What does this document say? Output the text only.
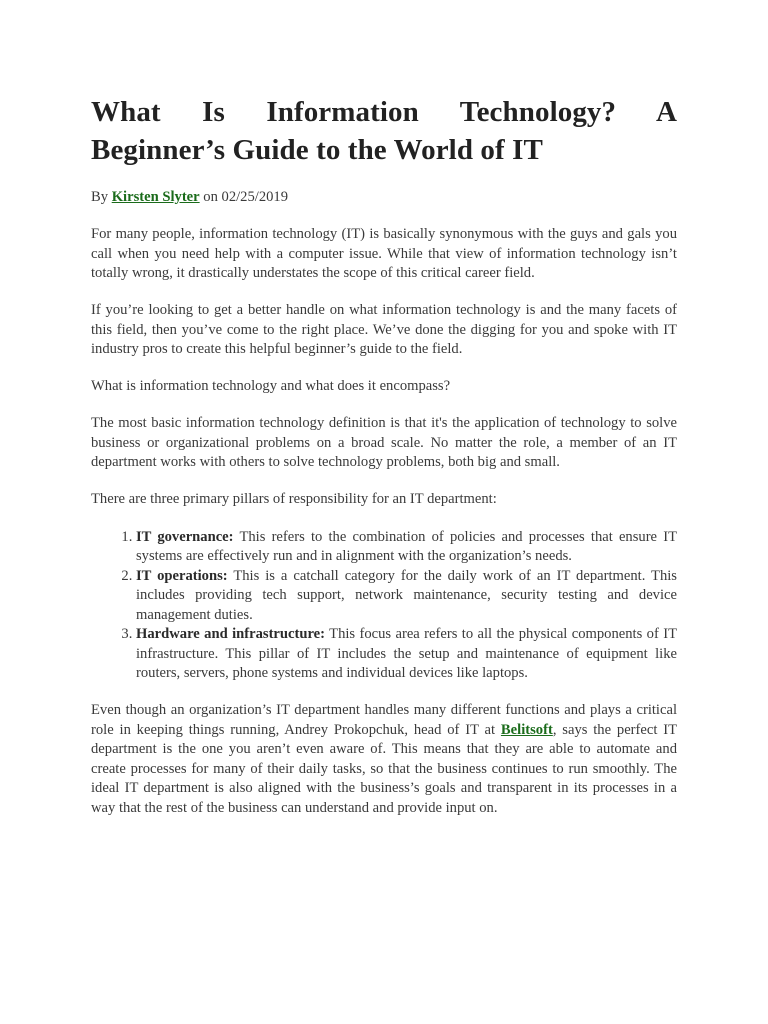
What Is Information Technology? A Beginner’s Guide to the World of IT
By Kirsten Slyter on 02/25/2019

For many people, information technology (IT) is basically synonymous with the guys and gals you call when you need help with a computer issue. While that view of information technology isn’t totally wrong, it drastically understates the scope of this critical career field.

If you’re looking to get a better handle on what information technology is and the many facets of this field, then you’ve come to the right place. We’ve done the digging for you and spoke with IT industry pros to create this helpful beginner’s guide to the field.

What is information technology and what does it encompass?

The most basic information technology definition is that it's the application of technology to solve business or organizational problems on a broad scale. No matter the role, a member of an IT department works with others to solve technology problems, both big and small.

There are three primary pillars of responsibility for an IT department:

1. IT governance: This refers to the combination of policies and processes that ensure IT systems are effectively run and in alignment with the organization’s needs.
2. IT operations: This is a catchall category for the daily work of an IT department. This includes providing tech support, network maintenance, security testing and device management duties.
3. Hardware and infrastructure: This focus area refers to all the physical components of IT infrastructure. This pillar of IT includes the setup and maintenance of equipment like routers, servers, phone systems and individual devices like laptops.

Even though an organization’s IT department handles many different functions and plays a critical role in keeping things running, Andrey Prokopchuk, head of IT at Belitsoft, says the perfect IT department is the one you aren’t even aware of. This means that they are able to automate and create processes for many of their daily tasks, so that the business continues to run smoothly. The ideal IT department is also aligned with the business’s goals and transparent in its processes in a way that the rest of the business can understand and provide input on.
